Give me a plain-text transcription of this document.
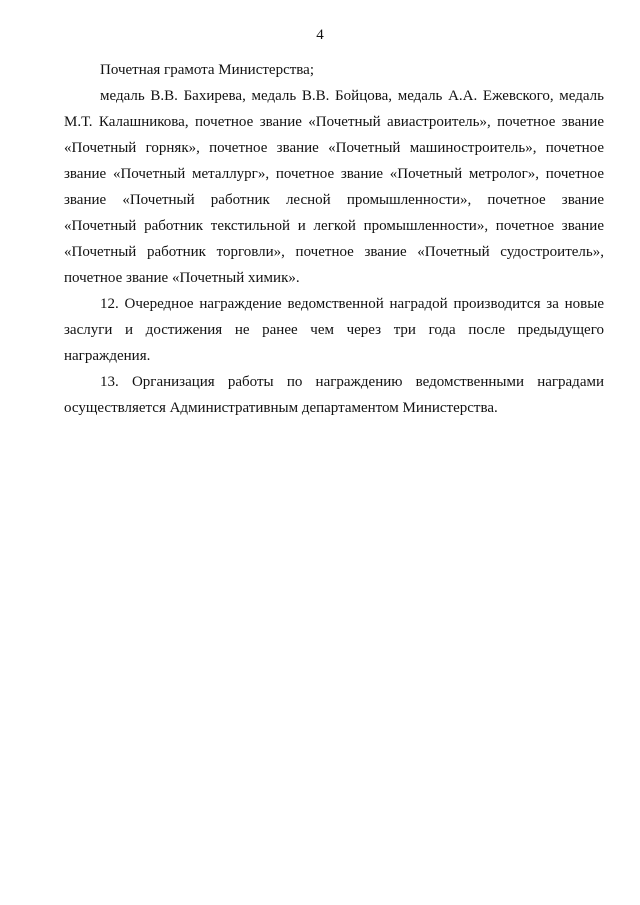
4

Почетная грамота Министерства;

медаль В.В. Бахирева, медаль В.В. Бойцова, медаль А.А. Ежевского, медаль М.Т. Калашникова, почетное звание «Почетный авиастроитель», почетное звание «Почетный горняк», почетное звание «Почетный машиностроитель», почетное звание «Почетный металлург», почетное звание «Почетный метролог», почетное звание «Почетный работник лесной промышленности», почетное звание «Почетный работник текстильной и легкой промышленности», почетное звание «Почетный работник торговли», почетное звание «Почетный судостроитель», почетное звание «Почетный химик».

12. Очередное награждение ведомственной наградой производится за новые заслуги и достижения не ранее чем через три года после предыдущего награждения.

13. Организация работы по награждению ведомственными наградами осуществляется Административным департаментом Министерства.
